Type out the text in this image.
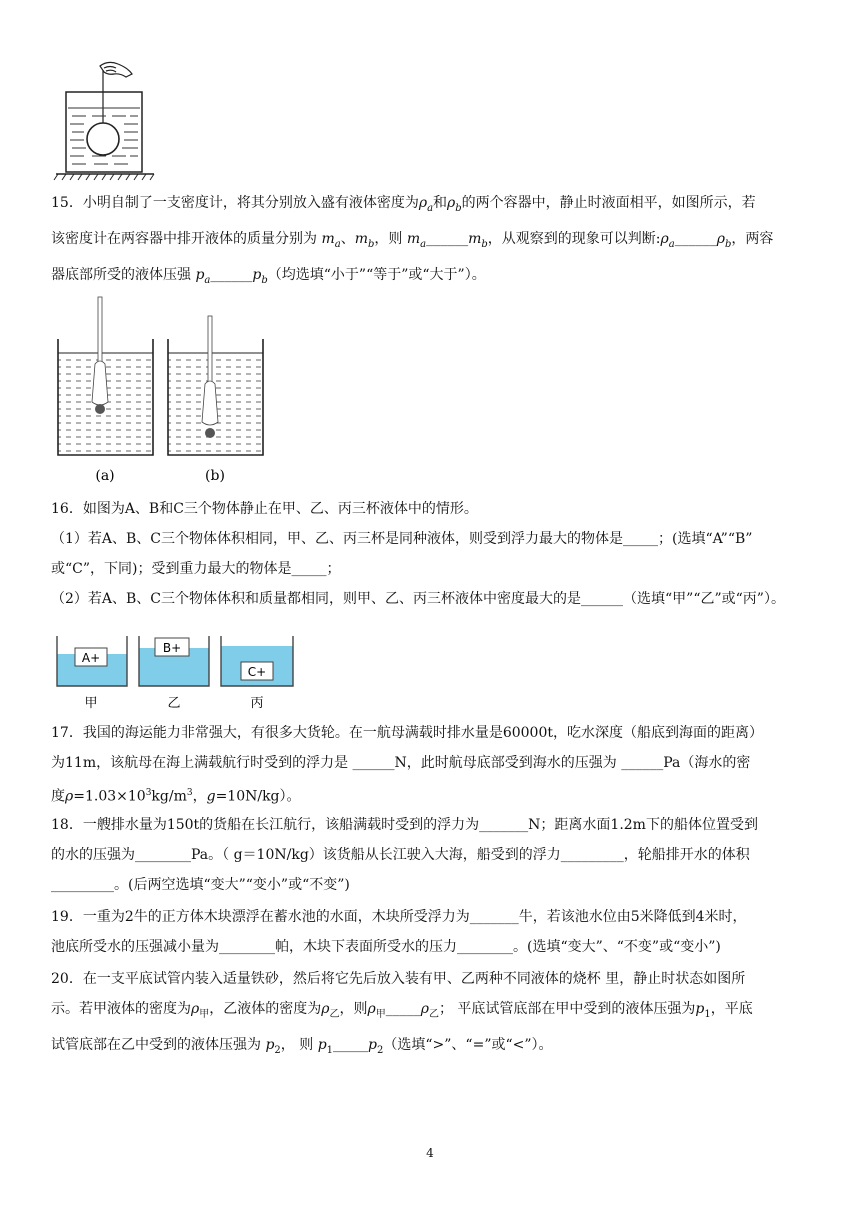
15．小明自制了一支密度计，将其分别放入盛有液体密度为$\rho_a$和$\rho_b$的两个容器中，静止时液面相平，如图所示，若

该密度计在两容器中排开液体的质量分别为 $m_a$、$m_b$，则 $m_a\_\_\_\_\_\_m_b$，从观察到的现象可以判断$:\rho_a\_\_\_\_\_\_\rho_b$，两容

器底部所受的液体压强 $p_a\_\_\_\_\_\_p_b$（均选填“小于”“等于”或“大于”）。

(a)	(b)

16．如图为A、B和C三个物体静止在甲、乙、丙三杯液体中的情形。

（1）若A、B、C三个物体体积相同，甲、乙、丙三杯是同种液体，则受到浮力最大的物体是_____；(选填“A”“B”

或“C”，下同)；受到重力最大的物体是_____；

（2）若A、B、C三个物体体积和质量都相同，则甲、乙、丙三杯液体中密度最大的是______（选填“甲”“乙”或“丙”）。

A+
甲
B+
乙
C+
丙

17．我国的海运能力非常强大，有很多大货轮。在一航母满载时排水量是60000t，吃水深度（船底到海面的距离）

为11m，该航母在海上满载航行时受到的浮力是 ______N，此时航母底部受到海水的压强为 ______Pa（海水的密

度$\rho=1.03\times 10^3kg/m^3$，g=10N/kg）。

18．一艘排水量为150t的货船在长江航行，该船满载时受到的浮力为_______N；距离水面1.2m下的船体位置受到

的水的压强为________Pa。（ g＝10N/kg）该货船从长江驶入大海，船受到的浮力_________，轮船排开水的体积

_________。(后两空选填“变大”“变小”或“不变”)

19．一重为2牛的正方体木块漂浮在蓄水池的水面，木块所受浮力为_______牛，若该池水位由5米降低到4米时，

池底所受水的压强减小量为________帕，木块下表面所受水的压力________。(选填“变大”、“不变”或“变小”)

20．在一支平底试管内装入适量铁砂，然后将它先后放入装有甲、乙两种不同液体的烧杯 里，静止时状态如图所

示。若甲液体的密度为$\rho_甲$，乙液体的密度为$\rho_乙$，则$\rho_甲\_\_\_\_\_\rho_乙$； 平底试管底部在甲中受到的液体压强为$p_1$，平底

试管底部在乙中受到的液体压强为 $p_2$， 则 $p_1\_\_\_\_\_p_2$（选填“>”、“=”或“<”）。

4
